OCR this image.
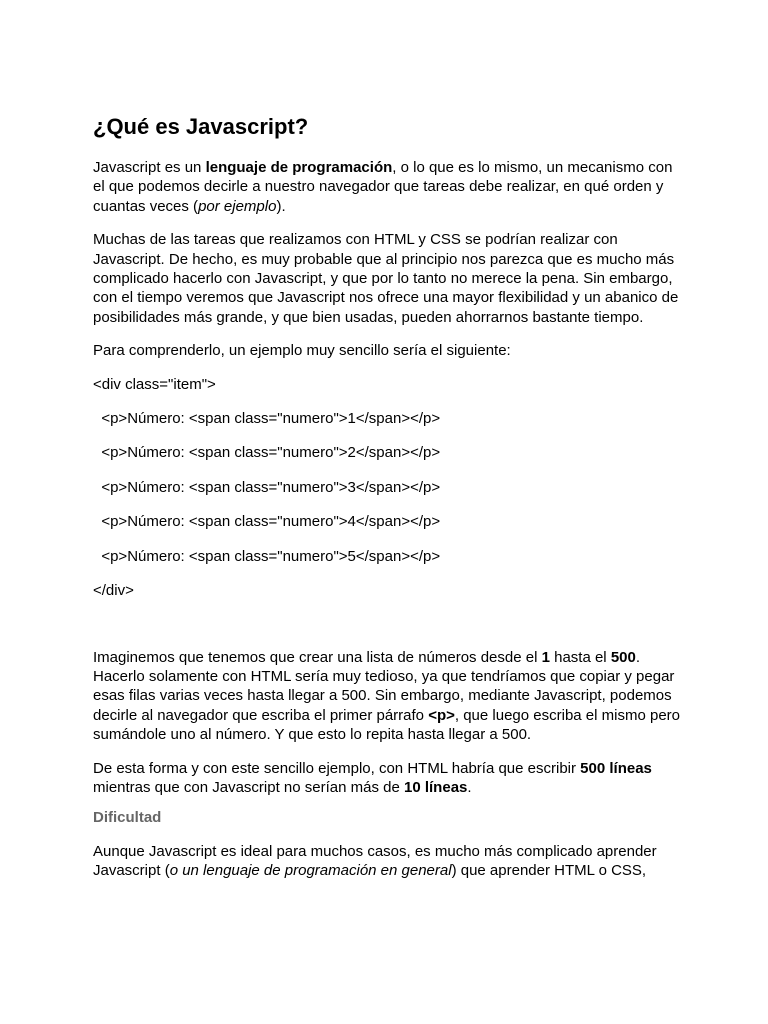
¿Qué es Javascript?

Javascript es un lenguaje de programación, o lo que es lo mismo, un mecanismo con el que podemos decirle a nuestro navegador que tareas debe realizar, en qué orden y cuantas veces (por ejemplo).

Muchas de las tareas que realizamos con HTML y CSS se podrían realizar con Javascript. De hecho, es muy probable que al principio nos parezca que es mucho más complicado hacerlo con Javascript, y que por lo tanto no merece la pena. Sin embargo, con el tiempo veremos que Javascript nos ofrece una mayor flexibilidad y un abanico de posibilidades más grande, y que bien usadas, pueden ahorrarnos bastante tiempo.

Para comprenderlo, un ejemplo muy sencillo sería el siguiente:

<div class="item">
<p>Número: <span class="numero">1</span></p>
<p>Número: <span class="numero">2</span></p>
<p>Número: <span class="numero">3</span></p>
<p>Número: <span class="numero">4</span></p>
<p>Número: <span class="numero">5</span></p>
</div>

Imaginemos que tenemos que crear una lista de números desde el 1 hasta el 500. Hacerlo solamente con HTML sería muy tedioso, ya que tendríamos que copiar y pegar esas filas varias veces hasta llegar a 500. Sin embargo, mediante Javascript, podemos decirle al navegador que escriba el primer párrafo <p>, que luego escriba el mismo pero sumándole uno al número. Y que esto lo repita hasta llegar a 500.

De esta forma y con este sencillo ejemplo, con HTML habría que escribir 500 líneas mientras que con Javascript no serían más de 10 líneas.

Dificultad

Aunque Javascript es ideal para muchos casos, es mucho más complicado aprender Javascript (o un lenguaje de programación en general) que aprender HTML o CSS,
